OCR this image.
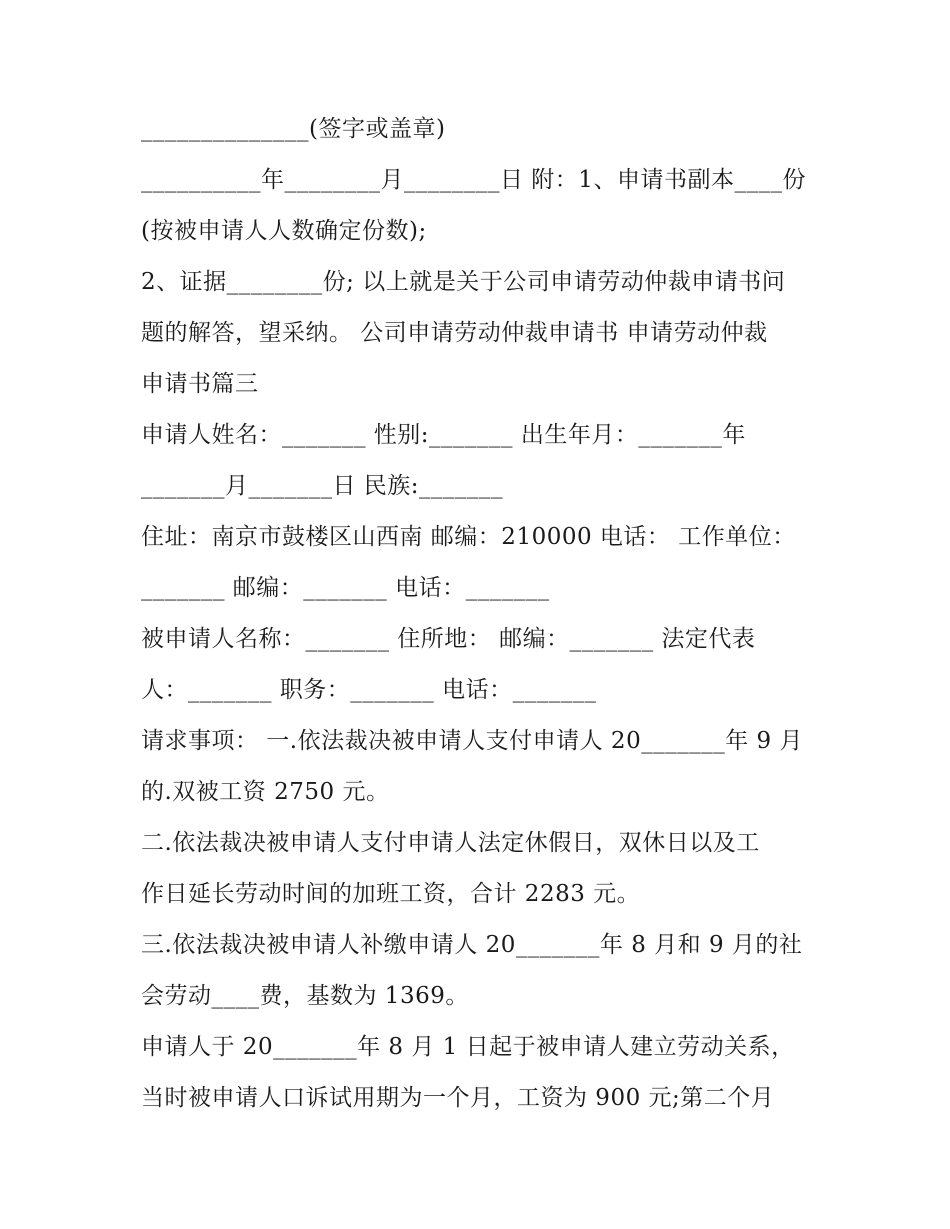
______________(签字或盖章)
__________年________月________日 附：1、申请书副本____份
(按被申请人人数确定份数);
2、证据________份; 以上就是关于公司申请劳动仲裁申请书问
题的解答，望采纳。 公司申请劳动仲裁申请书 申请劳动仲裁
申请书篇三
申请人姓名：_______ 性别:_______ 出生年月：_______年
_______月_______日 民族:_______
住址：南京市鼓楼区山西南 邮编：210000 电话： 工作单位：
_______ 邮编：_______ 电话：_______
被申请人名称：_______ 住所地： 邮编：_______ 法定代表
人：_______ 职务：_______ 电话：_______
请求事项： 一.依法裁决被申请人支付申请人 20_______年 9 月
的.双被工资 2750 元。
二.依法裁决被申请人支付申请人法定休假日，双休日以及工
作日延长劳动时间的加班工资，合计 2283 元。
三.依法裁决被申请人补缴申请人 20_______年 8 月和 9 月的社
会劳动____费，基数为 1369。
申请人于 20_______年 8 月 1 日起于被申请人建立劳动关系，
当时被申请人口诉试用期为一个月，工资为 900 元;第二个月
